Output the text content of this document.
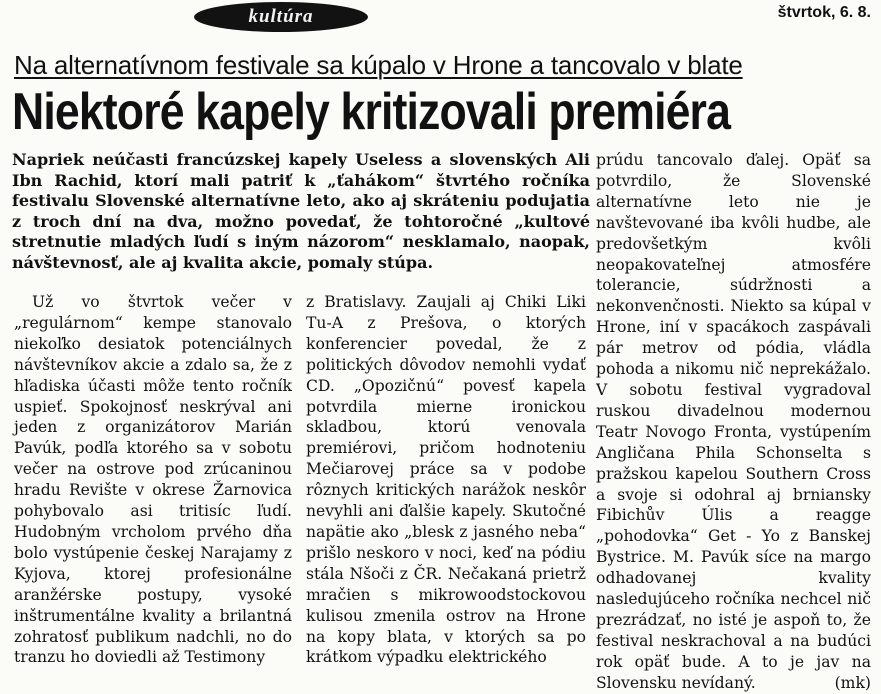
kultúra	štvrtok, 6. 8.
Na alternatívnom festivale sa kúpalo v Hrone a tancovalo v blate
Niektoré kapely kritizovali premiéra
Napriek neúčasti francúzskej kapely Useless a slovenských Ali Ibn Rachid, ktorí mali patriť k „ťahákom“ štvrtého ročníka festivalu Slovenské alternatívne leto, ako aj skráteniu podujatia z troch dní na dva, možno povedať, že tohtoročné „kultové stretnutie mladých ľudí s iným názorom“ nesklamalo, naopak, návštevnosť, ale aj kvalita akcie, pomaly stúpa.
Už vo štvrtok večer v „regulárnom“ kempe stanovalo niekoľko desiatok potenciálnych návštevníkov akcie a zdalo sa, že z hľadiska účasti môže tento ročník uspieť. Spokojnosť neskrýval ani jeden z organizátorov Marián Pavúk, podľa ktorého sa v sobotu večer na ostrove pod zrúcaninou hradu Revište v okrese Žarnovica pohybovalo asi tritisíc ľudí. Hudobným vrcholom prvého dňa bolo vystúpenie českej Narajamy z Kyjova, ktorej profesionálne aranžérske postupy, vysoké inštrumentálne kvality a brilantná zohratosť publikum nadchli, no do tranzu ho doviedli až Testimony
z Bratislavy. Zaujali aj Chiki Liki Tu-A z Prešova, o ktorých konferencier povedal, že z politických dôvodov nemohli vydať CD. „Opozičnú“ povesť kapela potvrdila mierne ironickou skladbou, ktorú venovala premiérovi, pričom hodnoteniu Mečiarovej práce sa v podobe rôznych kritických narážok neskôr nevyhli ani ďalšie kapely. Skutočné napätie ako „blesk z jasného neba“ prišlo neskoro v noci, keď na pódiu stála Nšoči z ČR. Nečakaná prietrž mračien s mikrowoodstockovou kulisou zmenila ostrov na Hrone na kopy blata, v ktorých sa po krátkom výpadku elektrického
prúdu tancovalo ďalej. Opäť sa potvrdilo, že Slovenské alternatívne leto nie je navštevované iba kvôli hudbe, ale predovšetkým kvôli neopakovateľnej atmosfére tolerancie, súdržnosti a nekonvenčnosti. Niekto sa kúpal v Hrone, iní v spacákoch zaspávali pár metrov od pódia, vládla pohoda a nikomu nič neprekážalo. V sobotu festival vygradoval ruskou divadelnou modernou Teatr Novogo Fronta, vystúpením Angličana Phila Schonselta s pražskou kapelou Southern Cross a svoje si odohral aj brniansky Fibichův Úlis a reagge „pohodovka“ Get - Yo z Banskej Bystrice. M. Pavúk síce na margo odhadovanej kvality nasledujúceho ročníka nechcel nič prezrádzať, no isté je aspoň to, že festival neskrachoval a na budúci rok opäť bude. A to je jav na Slovensku nevídaný.	(mk)
